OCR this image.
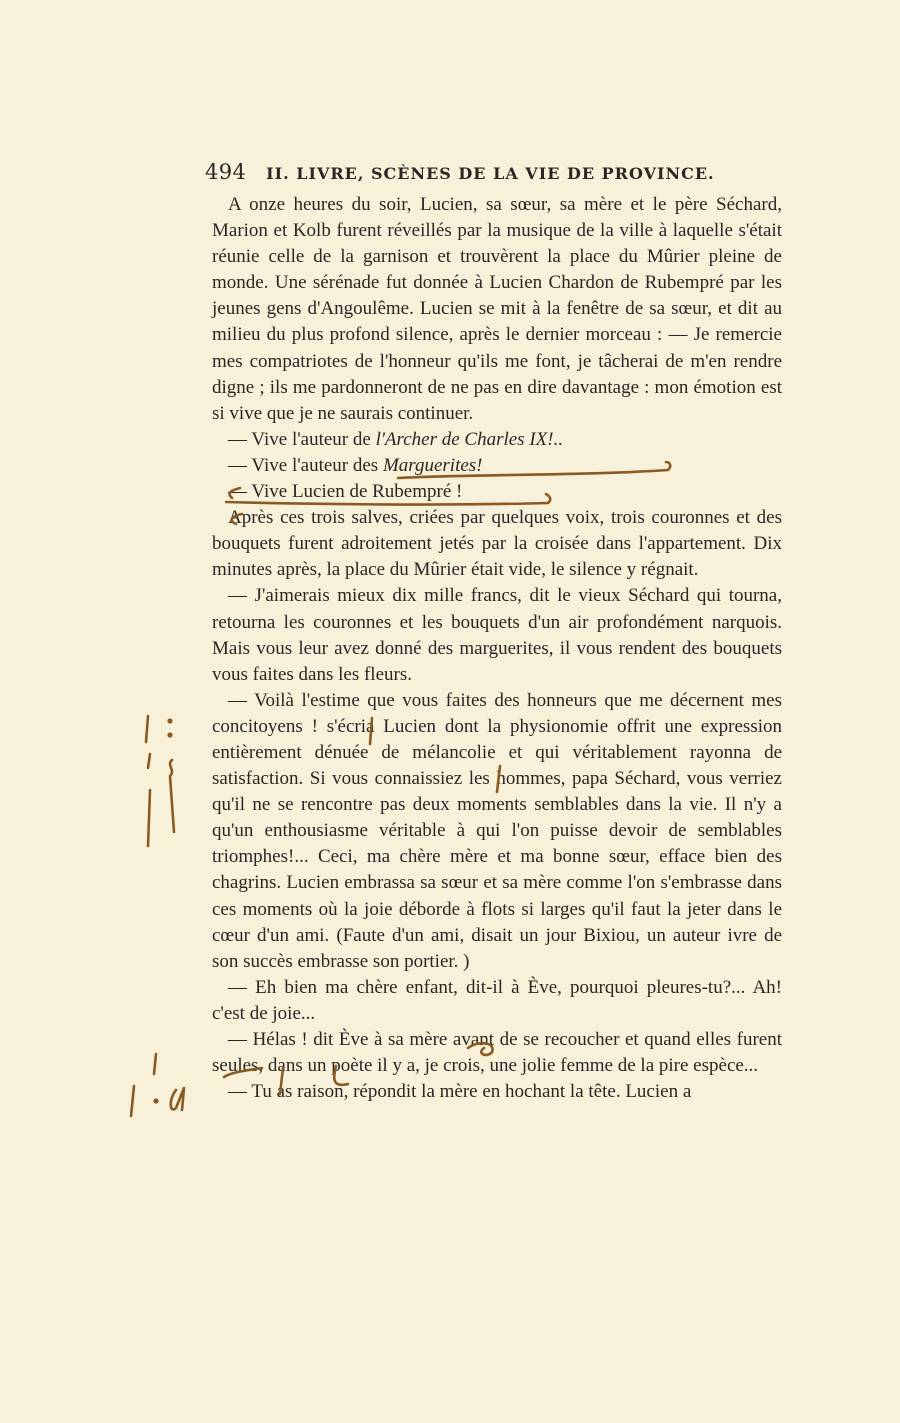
494 II. LIVRE, SCÈNES DE LA VIE DE PROVINCE.

A onze heures du soir, Lucien, sa sœur, sa mère et le père Séchard, Marion et Kolb furent réveillés par la musique de la ville à laquelle s'était réunie celle de la garnison et trouvèrent la place du Mûrier pleine de monde. Une sérénade fut donnée à Lucien Chardon de Rubempré par les jeunes gens d'Angoulême. Lucien se mit à la fenêtre de sa sœur, et dit au milieu du plus profond silence, après le dernier morceau : — Je remercie mes compatriotes de l'honneur qu'ils me font, je tâcherai de m'en rendre digne ; ils me pardonneront de ne pas en dire davantage : mon émotion est si vive que je ne saurais continuer.

— Vive l'auteur de l'Archer de Charles IX!..

— Vive l'auteur des Marguerites!

— Vive Lucien de Rubempré !

Après ces trois salves, criées par quelques voix, trois couronnes et des bouquets furent adroitement jetés par la croisée dans l'appartement. Dix minutes après, la place du Mûrier était vide, le silence y régnait.

— J'aimerais mieux dix mille francs, dit le vieux Séchard qui tourna, retourna les couronnes et les bouquets d'un air profondément narquois. Mais vous leur avez donné des marguerites, il vous rendent des bouquets vous faites dans les fleurs.

— Voilà l'estime que vous faites des honneurs que me décernent mes concitoyens ! s'écria Lucien dont la physionomie offrit une expression entièrement dénuée de mélancolie et qui véritablement rayonna de satisfaction. Si vous connaissiez les hommes, papa Séchard, vous verriez qu'il ne se rencontre pas deux moments semblables dans la vie. Il n'y a qu'un enthousiasme véritable à qui l'on puisse devoir de semblables triomphes!... Ceci, ma chère mère et ma bonne sœur, efface bien des chagrins. Lucien embrassa sa sœur et sa mère comme l'on s'embrasse dans ces moments où la joie déborde à flots si larges qu'il faut la jeter dans le cœur d'un ami. (Faute d'un ami, disait un jour Bixiou, un auteur ivre de son succès embrasse son portier. )

— Eh bien ma chère enfant, dit-il à Ève, pourquoi pleures-tu?... Ah! c'est de joie...

— Hélas ! dit Ève à sa mère avant de se recoucher et quand elles furent seules, dans un poète il y a, je crois, une jolie femme de la pire espèce...

— Tu as raison, répondit la mère en hochant la tête. Lucien a
